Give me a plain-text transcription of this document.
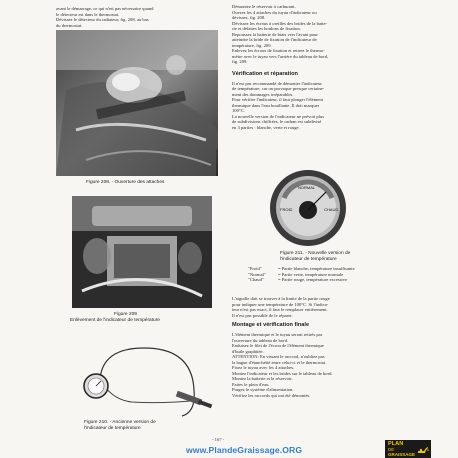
avant le démarrage, ce qui n'est pas nécessaire quand
le détecteur est dans le thermostat.
Dévissez le détecteur du radiateur, fig. 208, au bas
du thermostat.

Figure 208. - Ouverture des attaches
Figure 209
Enlèvement de l'indicateur de température
Figure 210. - Ancienne version de
l'indicateur de température

Démontez le réservoir à carburant.
Ouvrez les 4 attaches du tuyau d'indicateur ou
dévissez, fig. 208.
Dévissez les écrous à oreilles des brides de la batte-
rie et défaites les boulons de fixation.
Repoussez la batterie de biais vers l'avant pour
atteindre la bride de fixation de l'indicateur de
température, fig. 209.
Enlevez les écrous de fixation et retirez le thermo-
mètre avec le tuyau vers l'arrière du tableau de bord,
fig. 209.

Vérification et réparation

Il n'est pas recommandé de démonter l'indicateur
de température, car on provoque presque certaine-
ment des dommages irréparables.
Pour vérifier l'indicateur, il faut plonger l'élément
thermique dans l'eau bouillante. Il doit marquer
100°C.
La nouvelle version de l'indicateur ne prévoit plus
de subdivisions chiffrées, le cadran est subdivisé
en 3 parties : blanche, verte et rouge.

FROID
NORMAL
CHAUD
Figure 211. - Nouvelle version de
l'indicateur de température
"Froid"	= Partie blanche, température insuffisante
"Normal"	= Partie verte, température normale
"Chaud"	= Partie rouge, température excessive

L'aiguille doit se trouver à la limite de la partie rouge
pour indiquer une température de 100°C. Si l'indica-
teur n'est pas exact, il faut le remplacer entièrement.
Il n'est pas possible de le réparer.

Montage et vérification finale

L'élément thermique et le tuyau seront retirés par
l'ouverture du tableau de bord.
Enduisez le filet de l'écrou de l'élément thermique
d'huile graphitée.
ATTENTION: En vissant le raccord, n'oubliez pas
la bague d'étanchéité entre celui-ci et le thermostat.
Fixez le tuyau avec les 4 attaches.
Montez l'indicateur et les brides sur le tableau de bord.
Montez la batterie et le réservoir.
Faites le plein d'eau.
Purgez le système d'alimentation.
Vérifiez les raccords qui ont été démontés.

- 167 -
www.PlandeGraissage.ORG
PLAN
DE
GRAISSAGE
